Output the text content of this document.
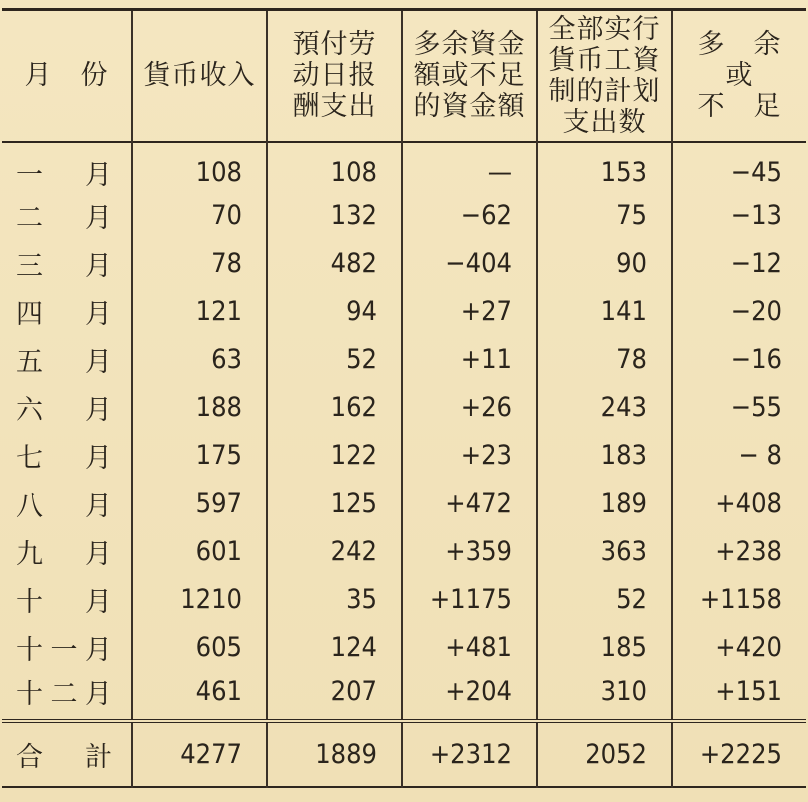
月　份	貨币收入	預付劳
动日报
酬支出	多余資金
額或不足
的資金額	全部实行
貨币工資
制的計划
支出数	多　余
或
不　足

一 月	108	108	—	153	−45

二 月	70	132	−62	75	−13

三 月	78	482	−404	90	−12

四 月	121	94	+27	141	−20

五 月	63	52	+11	78	−16

六 月	188	162	+26	243	−55

七 月	175	122	+23	183	− 8

八 月	597	125	+472	189	+408

九 月	601	242	+359	363	+238

十 月	1210	35	+1175	52	+1158

十 一 月	605	124	+481	185	+420

十 二 月	461	207	+204	310	+151

合 計	4277	1889	+2312	2052	+2225
